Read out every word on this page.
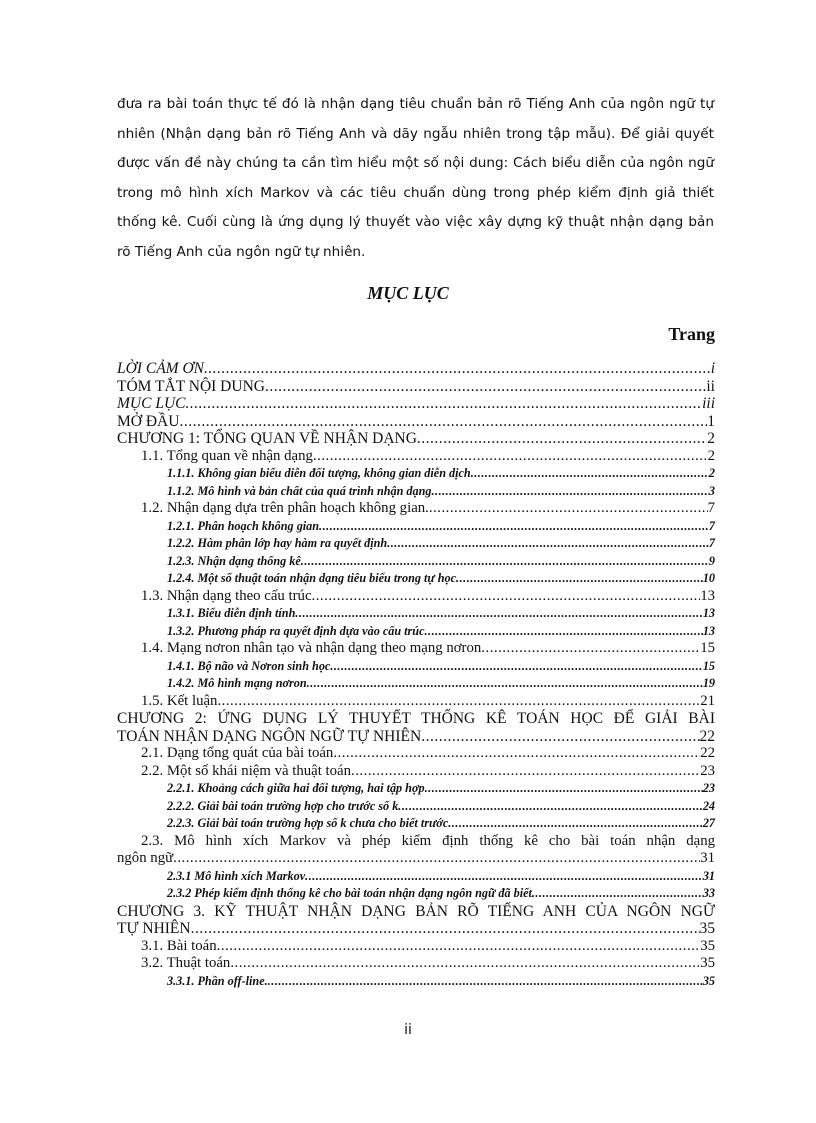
đưa ra bài toán thực tế đó là nhận dạng tiêu chuẩn bản rõ Tiếng Anh của ngôn ngữ tự nhiên (Nhận dạng bản rõ Tiếng Anh và dãy ngẫu nhiên trong tập mẫu). Để giải quyết được vấn đề này chúng ta cần tìm hiểu một số nội dung: Cách biểu diễn của ngôn ngữ trong mô hình xích Markov và các tiêu chuẩn dùng trong phép kiểm định giả thiết thống kê. Cuối cùng là ứng dụng lý thuyết vào việc xây dựng kỹ thuật nhận dạng bản rõ Tiếng Anh của ngôn ngữ tự nhiên.

MỤC LỤC
Trang
LỜI CẢM ƠN .....	i
TÓM TẮT NỘI DUNG .....	ii
MỤC LỤC .....	iii
MỞ ĐẦU .....	1
CHƯƠNG 1: TỔNG QUAN VỀ NHẬN DẠNG .....	2
1.1. Tổng quan về nhận dạng .....	2
1.1.1. Không gian biểu diễn đối tượng, không gian diễn dịch .....	2
1.1.2. Mô hình và bản chất của quá trình nhận dạng .....	3
1.2. Nhận dạng dựa trên phân hoạch không gian. .....	7
1.2.1. Phân hoạch không gian .....	7
1.2.2. Hàm phân lớp hay hàm ra quyết định .....	7
1.2.3. Nhận dạng thống kê .....	9
1.2.4. Một số thuật toán nhận dạng tiêu biểu trong tự học .....	10
1.3. Nhận dạng theo cấu trúc .....	13
1.3.1. Biểu diễn định tính .....	13
1.3.2. Phương pháp ra quyết định dựa vào cấu trúc .....	13
1.4. Mạng nơron nhân tạo và nhận dạng theo mạng nơron .....	15
1.4.1. Bộ não và Nơron sinh học .....	15
1.4.2. Mô hình mạng nơron .....	19
1.5. Kết luận .....	21
CHƯƠNG 2: ỨNG DỤNG LÝ THUYẾT THỐNG KÊ TOÁN HỌC ĐỂ GIẢI BÀI
TOÁN NHẬN DẠNG NGÔN NGỮ TỰ NHIÊN .....	22
2.1. Dạng tổng quát của bài toán .....	22
2.2. Một số khái niệm và thuật toán .....	23
2.2.1. Khoảng cách giữa hai đối tượng, hai tập hợp .....	23
2.2.2. Giải bài toán trường hợp cho trước số k .....	24
2.2.3. Giải bài toán trường hợp số k chưa cho biết trước .....	27
2.3. Mô hình xích Markov và phép kiểm định thống kê cho bài toán nhận dạng
ngôn ngữ .....	31
2.3.1 Mô hình xích Markov .....	31
2.3.2 Phép kiểm định thống kê cho bài toán nhận dạng ngôn ngữ đã biết .....	33
CHƯƠNG 3. KỸ THUẬT NHẬN DẠNG BẢN RÕ TIẾNG ANH CỦA NGÔN NGỮ
TỰ NHIÊN .....	35
3.1. Bài toán .....	35
3.2. Thuật toán .....	35
3.3.1. Phần off-line. .....	35
ii
